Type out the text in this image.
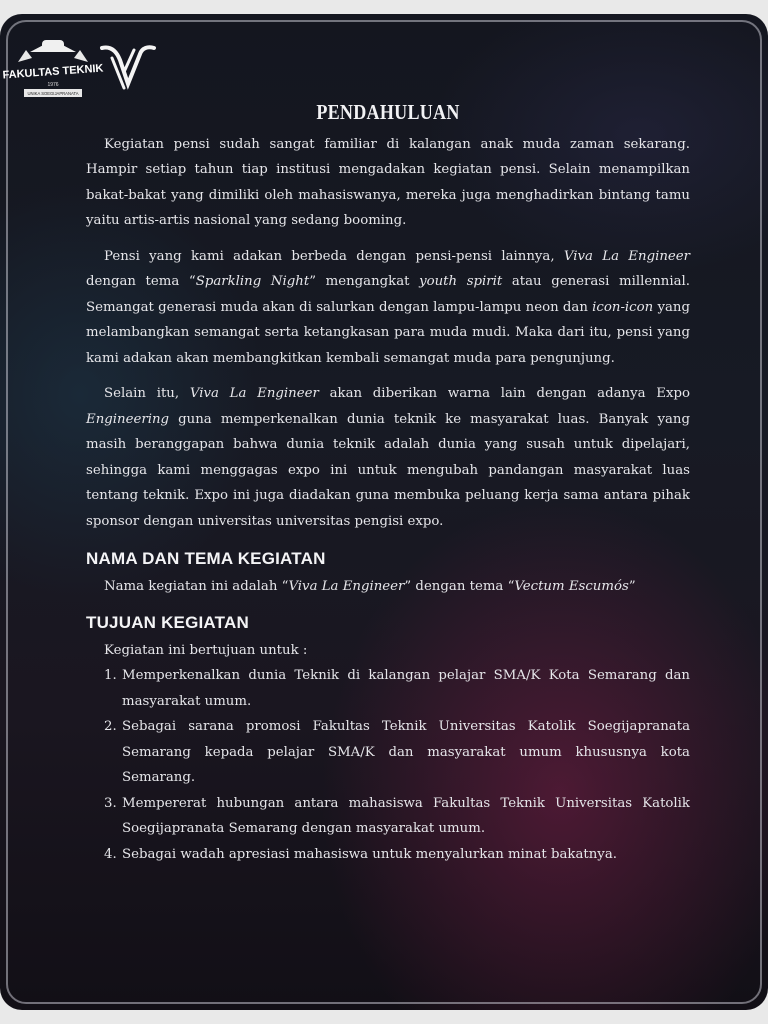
FAKULTAS TEKNIK
1976
UNIKA SOEGIJAPRANATA
PENDAHULUAN

Kegiatan pensi sudah sangat familiar di kalangan anak muda zaman sekarang. Hampir setiap tahun tiap institusi mengadakan kegiatan pensi. Selain menampilkan bakat-bakat yang dimiliki oleh mahasiswanya, mereka juga menghadirkan bintang tamu yaitu artis-artis nasional yang sedang booming.

Pensi yang kami adakan berbeda dengan pensi-pensi lainnya, Viva La Engineer dengan tema “Sparkling Night” mengangkat youth spirit atau generasi millennial. Semangat generasi muda akan di salurkan dengan lampu-lampu neon dan icon-icon yang melambangkan semangat serta ketangkasan para muda mudi. Maka dari itu, pensi yang kami adakan akan membangkitkan kembali semangat muda para pengunjung.

Selain itu, Viva La Engineer akan diberikan warna lain dengan adanya Expo Engineering guna memperkenalkan dunia teknik ke masyarakat luas. Banyak yang masih beranggapan bahwa dunia teknik adalah dunia yang susah untuk dipelajari, sehingga kami menggagas expo ini untuk mengubah pandangan masyarakat luas tentang teknik. Expo ini juga diadakan guna membuka peluang kerja sama antara pihak sponsor dengan universitas universitas pengisi expo.

NAMA DAN TEMA KEGIATAN

Nama kegiatan ini adalah “Viva La Engineer” dengan tema “Vectum Escumós”

TUJUAN KEGIATAN

Kegiatan ini bertujuan untuk :

1. Memperkenalkan dunia Teknik di kalangan pelajar SMA/K Kota Semarang dan masyarakat umum.
2. Sebagai sarana promosi Fakultas Teknik Universitas Katolik Soegijapranata Semarang kepada pelajar SMA/K dan masyarakat umum khususnya kota Semarang.
3. Mempererat hubungan antara mahasiswa Fakultas Teknik Universitas Katolik Soegijapranata Semarang dengan masyarakat umum.
4. Sebagai wadah apresiasi mahasiswa untuk menyalurkan minat bakatnya.
